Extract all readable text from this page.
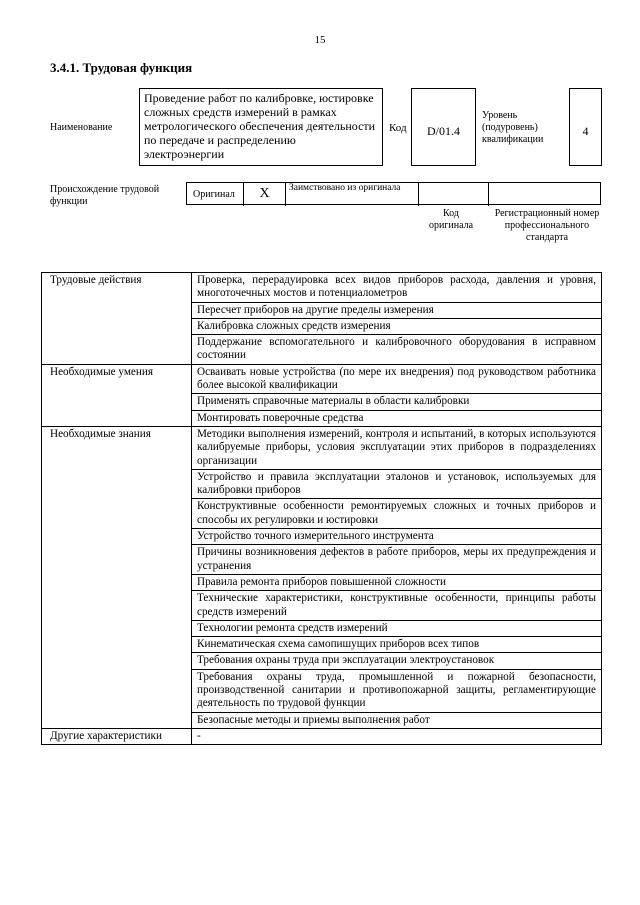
15
3.4.1. Трудовая функция
Наименование
Проведение работ по калибровке, юстировке сложных средств измерений в рамках метрологического обеспечения деятельности по передаче и распределению электроэнергии
Код	D/01.4
Уровень (подуровень) квалификации
4
Происхождение трудовой функции
Оригинал	X	Заимствовано из оригинала
Код оригинала
Регистрационный номер профессионального стандарта
Трудовые действия	Проверка, перерадуировка всех видов приборов расхода, давления и уровня, многоточечных мостов и потенциалометров
	Пересчет приборов на другие пределы измерения
	Калибровка сложных средств измерения
	Поддержание вспомогательного и калибровочного оборудования в исправном состоянии
Необходимые умения	Осваивать новые устройства (по мере их внедрения) под руководством работника более высокой квалификации
	Применять справочные материалы в области калибровки
	Монтировать поверочные средства
Необходимые знания	Методики выполнения измерений, контроля и испытаний, в которых используются калибруемые приборы, условия эксплуатации этих приборов в подразделениях организации
	Устройство и правила эксплуатации эталонов и установок, используемых для калибровки приборов
	Конструктивные особенности ремонтируемых сложных и точных приборов и способы их регулировки и юстировки
	Устройство точного измерительного инструмента
	Причины возникновения дефектов в работе приборов, меры их предупреждения и устранения
	Правила ремонта приборов повышенной сложности
	Технические характеристики, конструктивные особенности, принципы работы средств измерений
	Технологии ремонта средств измерений
	Кинематическая схема самопишущих приборов всех типов
	Требования охраны труда при эксплуатации электроустановок
	Требования охраны труда, промышленной и пожарной безопасности, производственной санитарии и противопожарной защиты, регламентирующие деятельность по трудовой функции
	Безопасные методы и приемы выполнения работ
Другие характеристики	-
